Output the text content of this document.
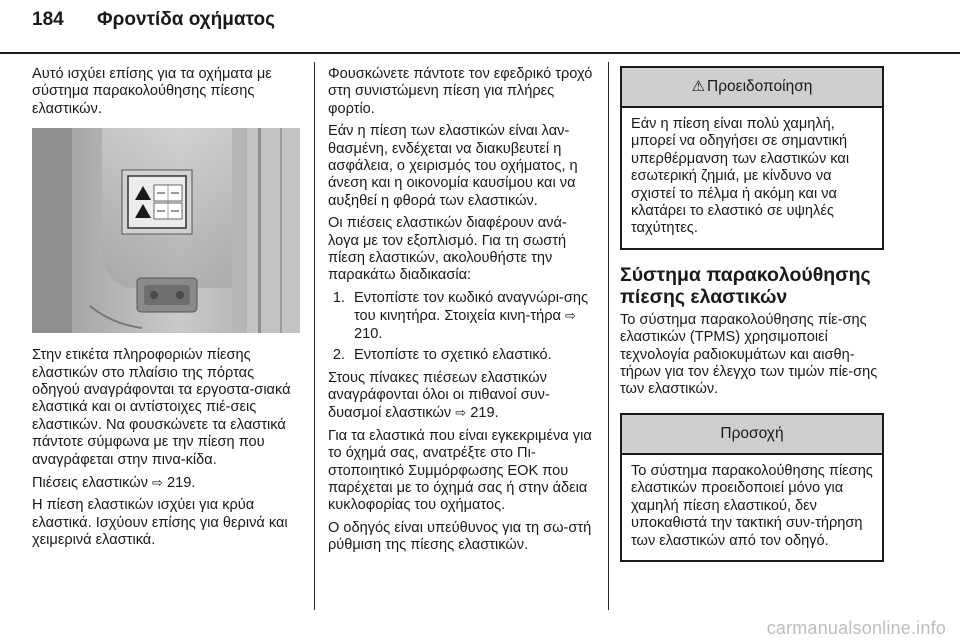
184 Φροντίδα οχήματος

Αυτό ισχύει επίσης για τα οχήματα με σύστημα παρακολούθησης πίεσης ελαστικών.

Στην ετικέτα πληροφοριών πίεσης ελαστικών στο πλαίσιο της πόρτας οδηγού αναγράφονται τα εργοστα-σιακά ελαστικά και οι αντίστοιχες πιέ-σεις ελαστικών. Να φουσκώνετε τα ελαστικά πάντοτε σύμφωνα με την πίεση που αναγράφεται στην πινα-κίδα.

Πιέσεις ελαστικών ⇨ 219.

Η πίεση ελαστικών ισχύει για κρύα ελαστικά. Ισχύουν επίσης για θερινά και χειμερινά ελαστικά.

Φουσκώνετε πάντοτε τον εφεδρικό τροχό στη συνιστώμενη πίεση για πλήρες φορτίο.

Εάν η πίεση των ελαστικών είναι λαν-θασμένη, ενδέχεται να διακυβευτεί η ασφάλεια, ο χειρισμός του οχήματος, η άνεση και η οικονομία καυσίμου και να αυξηθεί η φθορά των ελαστικών.

Οι πιέσεις ελαστικών διαφέρουν ανά-λογα με τον εξοπλισμό. Για τη σωστή πίεση ελαστικών, ακολουθήστε την παρακάτω διαδικασία:

1. Εντοπίστε τον κωδικό αναγνώρι-σης του κινητήρα. Στοιχεία κινη-τήρα ⇨ 210.
2. Εντοπίστε το σχετικό ελαστικό.

Στους πίνακες πιέσεων ελαστικών αναγράφονται όλοι οι πιθανοί συν-δυασμοί ελαστικών ⇨ 219.

Για τα ελαστικά που είναι εγκεκριμένα για το όχημά σας, ανατρέξτε στο Πι-στοποιητικό Συμμόρφωσης ΕΟΚ που παρέχεται με το όχημά σας ή στην άδεια κυκλοφορίας του οχήματος.

Ο οδηγός είναι υπεύθυνος για τη σω-στή ρύθμιση της πίεσης ελαστικών.

⚠ Προειδοποίηση
Εάν η πίεση είναι πολύ χαμηλή, μπορεί να οδηγήσει σε σημαντική υπερθέρμανση των ελαστικών και εσωτερική ζημιά, με κίνδυνο να σχιστεί το πέλμα ή ακόμη και να κλατάρει το ελαστικό σε υψηλές ταχύτητες.
Σύστημα παρακολούθησης πίεσης ελαστικών

Το σύστημα παρακολούθησης πίε-σης ελαστικών (TPMS) χρησιμοποιεί τεχνολογία ραδιοκυμάτων και αισθη-τήρων για τον έλεγχο των τιμών πίε-σης των ελαστικών.

Προσοχή
Το σύστημα παρακολούθησης πίεσης ελαστικών προειδοποιεί μόνο για χαμηλή πίεση ελαστικού, δεν υποκαθιστά την τακτική συν-τήρηση των ελαστικών από τον οδηγό.
carmanualsonline.info
